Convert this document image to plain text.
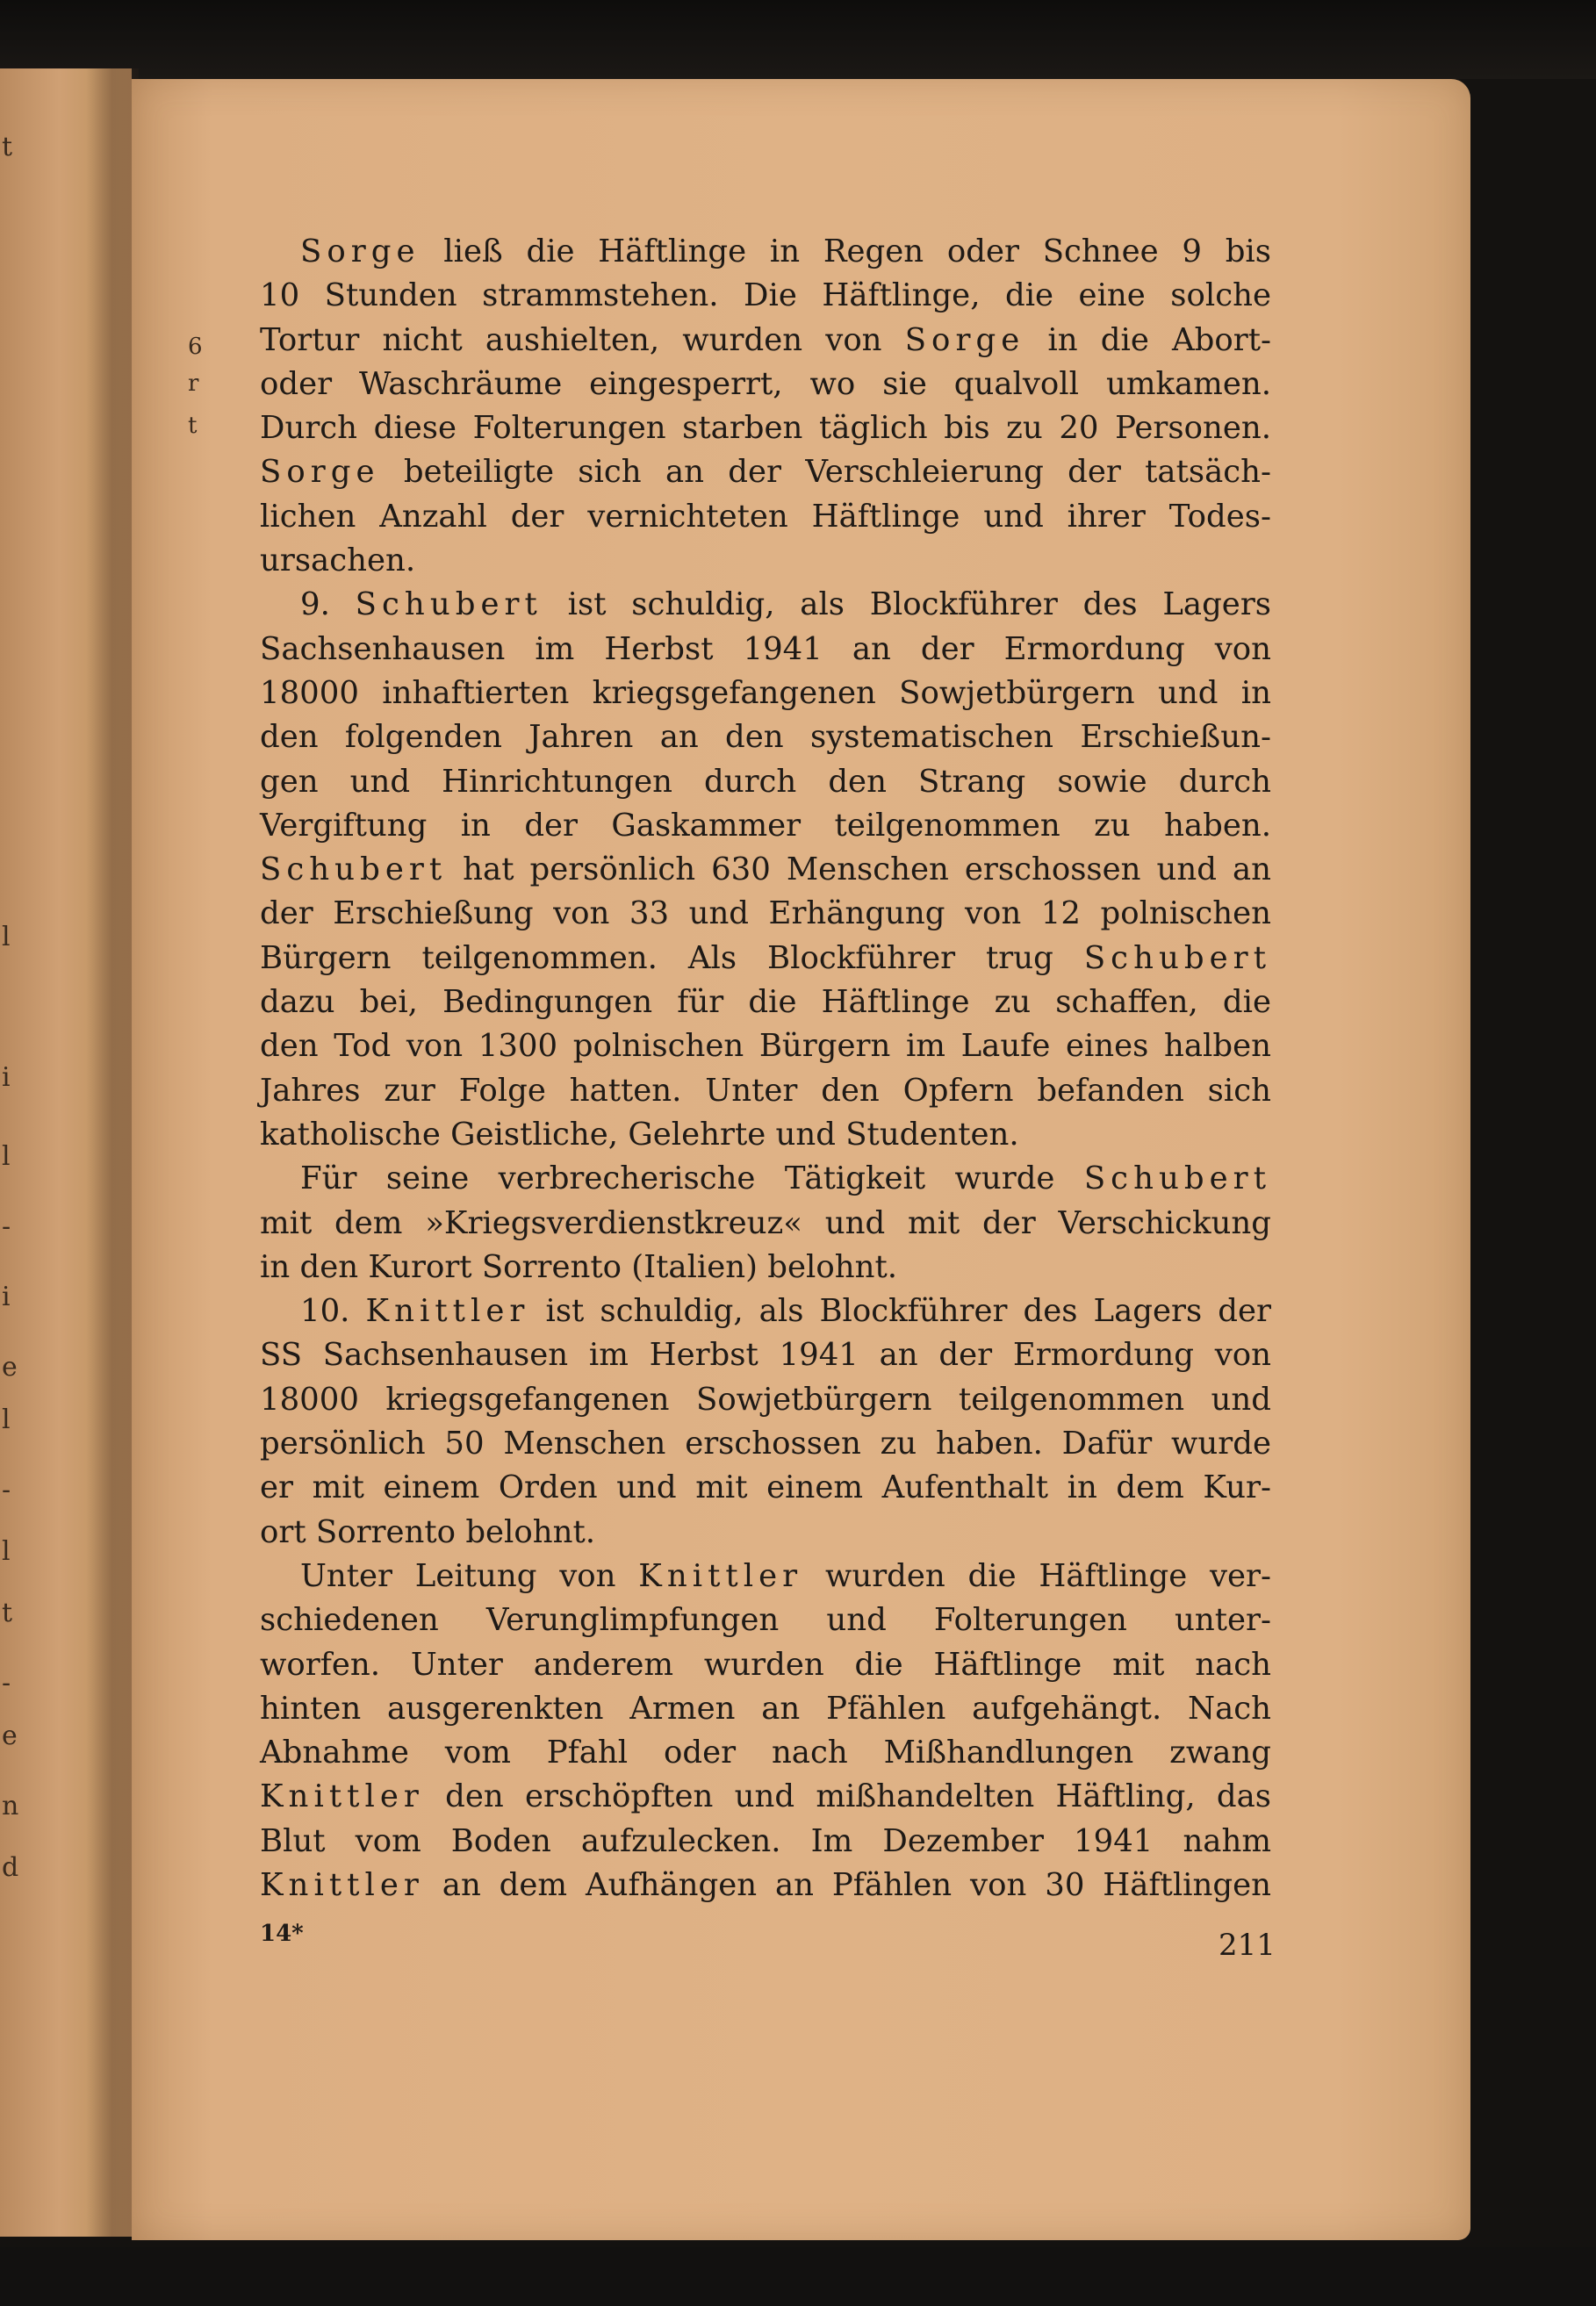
t
l
i
l
-
i
e
l
-
l
t
-
e
n
d
6
r
t
Sorge ließ die Häftlinge in Regen oder Schnee 9 bis
10 Stunden strammstehen. Die Häftlinge, die eine solche
Tortur nicht aushielten, wurden von Sorge in die Abort-
oder Waschräume eingesperrt, wo sie qualvoll umkamen.
Durch diese Folterungen starben täglich bis zu 20 Personen.
Sorge beteiligte sich an der Verschleierung der tatsäch-
lichen Anzahl der vernichteten Häftlinge und ihrer Todes-
ursachen.
9. Schubert ist schuldig, als Blockführer des Lagers
Sachsenhausen im Herbst 1941 an der Ermordung von
18000 inhaftierten kriegsgefangenen Sowjetbürgern und in
den folgenden Jahren an den systematischen Erschießun-
gen und Hinrichtungen durch den Strang sowie durch
Vergiftung in der Gaskammer teilgenommen zu haben.
Schubert hat persönlich 630 Menschen erschossen und an
der Erschießung von 33 und Erhängung von 12 polnischen
Bürgern teilgenommen. Als Blockführer trug Schubert
dazu bei, Bedingungen für die Häftlinge zu schaffen, die
den Tod von 1300 polnischen Bürgern im Laufe eines halben
Jahres zur Folge hatten. Unter den Opfern befanden sich
katholische Geistliche, Gelehrte und Studenten.
Für seine verbrecherische Tätigkeit wurde Schubert
mit dem »Kriegsverdienstkreuz« und mit der Verschickung
in den Kurort Sorrento (Italien) belohnt.
10. Knittler ist schuldig, als Blockführer des Lagers der
SS Sachsenhausen im Herbst 1941 an der Ermordung von
18000 kriegsgefangenen Sowjetbürgern teilgenommen und
persönlich 50 Menschen erschossen zu haben. Dafür wurde
er mit einem Orden und mit einem Aufenthalt in dem Kur-
ort Sorrento belohnt.
Unter Leitung von Knittler wurden die Häftlinge ver-
schiedenen Verunglimpfungen und Folterungen unter-
worfen. Unter anderem wurden die Häftlinge mit nach
hinten ausgerenkten Armen an Pfählen aufgehängt. Nach
Abnahme vom Pfahl oder nach Mißhandlungen zwang
Knittler den erschöpften und mißhandelten Häftling, das
Blut vom Boden aufzulecken. Im Dezember 1941 nahm
Knittler an dem Aufhängen an Pfählen von 30 Häftlingen
14*	211
